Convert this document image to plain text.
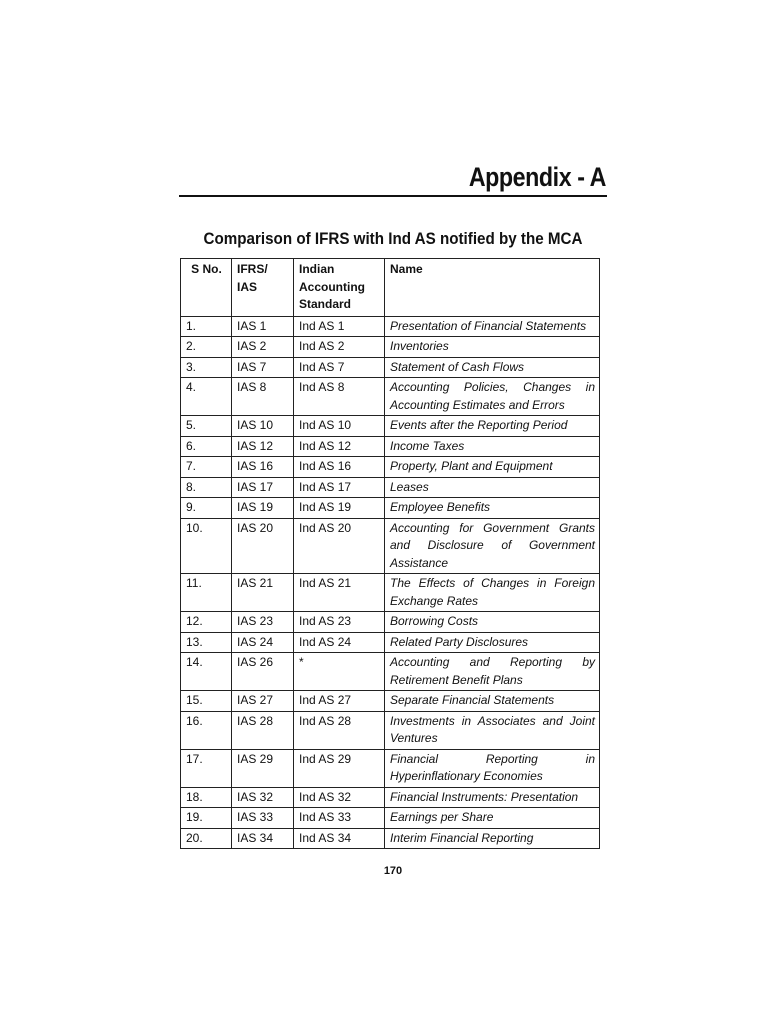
Appendix - A
Comparison of IFRS with Ind AS notified by the MCA
S No.	IFRS/ IAS	Indian Accounting Standard	Name
1.	IAS 1	Ind AS 1	Presentation of Financial Statements
2.	IAS 2	Ind AS 2	Inventories
3.	IAS 7	Ind AS 7	Statement of Cash Flows
4.	IAS 8	Ind AS 8	Accounting Policies, Changes in Accounting Estimates and Errors
5.	IAS 10	Ind AS 10	Events after the Reporting Period
6.	IAS 12	Ind AS 12	Income Taxes
7.	IAS 16	Ind AS 16	Property, Plant and Equipment
8.	IAS 17	Ind AS 17	Leases
9.	IAS 19	Ind AS 19	Employee Benefits
10.	IAS 20	Ind AS 20	Accounting for Government Grants and Disclosure of Government Assistance
11.	IAS 21	Ind AS 21	The Effects of Changes in Foreign Exchange Rates
12.	IAS 23	Ind AS 23	Borrowing Costs
13.	IAS 24	Ind AS 24	Related Party Disclosures
14.	IAS 26	*	Accounting and Reporting by Retirement Benefit Plans
15.	IAS 27	Ind AS 27	Separate Financial Statements
16.	IAS 28	Ind AS 28	Investments in Associates and Joint Ventures
17.	IAS 29	Ind AS 29	Financial Reporting in Hyperinflationary Economies
18.	IAS 32	Ind AS 32	Financial Instruments: Presentation
19.	IAS 33	Ind AS 33	Earnings per Share
20.	IAS 34	Ind AS 34	Interim Financial Reporting
170
